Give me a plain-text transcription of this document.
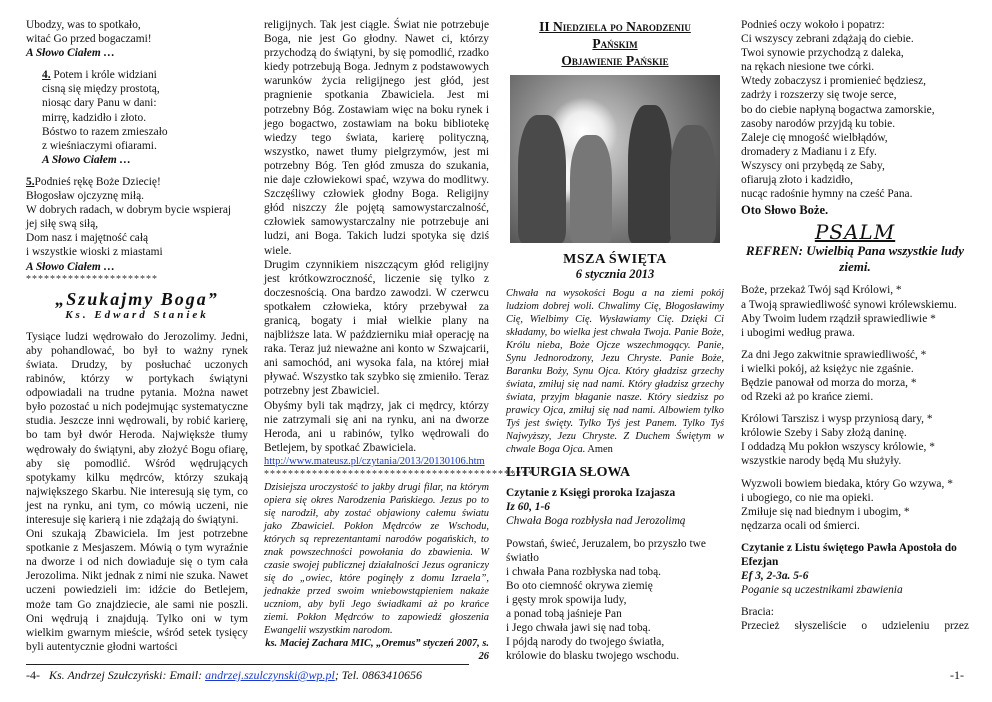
Ubodzy, was to spotkało,

witać Go przed bogaczami!

A Słowo Ciałem …

4. Potem i króle widziani

cisną się między prostotą,

niosąc dary Panu w dani:

mirrę, kadzidło i złoto.

Bóstwo to razem zmieszało

z wieśniaczymi ofiarami.

A Słowo Ciałem …

5.Podnieś rękę Boże Dziecię!

Błogosław ojczyznę miłą.

W dobrych radach, w dobrym bycie wspieraj

jej siłę swą siłą,

Dom nasz i majętność całą

i wszystkie wioski z miastami

A Słowo Ciałem …

**********************

„Szukajmy Boga”

Ks. Edward Staniek

Tysiące ludzi wędrowało do Jerozolimy. Jedni, aby pohandlować, bo był to ważny rynek świata. Drudzy, by posłuchać uczonych rabinów, którzy w portykach świątyni odpowiadali na trudne pytania. Można nawet było pozostać u nich podejmując systematyczne studia. Jeszcze inni wędrowali, by robić karierę, bo tam był dwór Heroda. Najwięksże tłumy wędrowały do świątyni, aby złożyć Bogu ofiarę, aby się pomodlić. Wśród wędrujących spotykamy kilku mędrców, którzy szukają największego Skarbu. Nie interesują się tym, co jest na rynku, ani tym, co mówią uczeni, nie interesuje się karierą i nie zdążają do świątyni.

Oni szukają Zbawiciela. Im jest potrzebne spotkanie z Mesjaszem. Mówią o tym wyraźnie na dworze i od nich dowiaduje się o tym cała Jerozolima. Nikt jednak z nimi nie szuka. Nawet uczeni powiedzieli im: idźcie do Betlejem, może tam Go znajdziecie, ale sami nie poszli. Oni wędrują i znajdują. Tylko oni w tym wielkim gwarnym mieście, wśród setek tysięcy byli autentycznie głodni wartości

religijnych. Tak jest ciągle. Świat nie potrzebuje Boga, nie jest Go głodny. Nawet ci, którzy przychodzą do świątyni, by się pomodlić, rzadko kiedy potrzebują Boga. Jednym z podstawowych warunków życia religijnego jest głód, jest pragnienie spotkania Zbawiciela. Jest mi potrzebny Bóg. Zostawiam więc na boku rynek i jego bogactwo, zostawiam na boku bibliotekę wiedzy tego świata, karierę polityczną, wszystko, nawet tłumy pielgrzymów, jest mi potrzebny Bóg. Ten głód zmusza do szukania, nie daje człowiekowi spać, wzywa do modlitwy. Szczęśliwy człowiek głodny Boga. Religijny głód niszczy źle pojętą samowystarczalność, człowiek samowystarczalny nie potrzebuje ani ludzi, ani Boga. Takich ludzi spotyka się dziś wiele.

Drugim czynnikiem niszczącym głód religijny jest krótkowzroczność, liczenie się tylko z doczesnością. Ona bardzo zawodzi. W czerwcu spotkałem człowieka, który przebywał za granicą, bogaty i miał wielkie plany na najbliższe lata. W październiku miał operację na raka. Teraz już nieważne ani konto w Szwajcarii, ani samochód, ani wysoka fala, na której miał pływać. Wszystko tak szybko się zmieniło. Teraz potrzebny jest Zbawiciel.

Obyśmy byli tak mądrzy, jak ci mędrcy, którzy nie zatrzymali się ani na rynku, ani na dworze Heroda, ani u rabinów, tylko wędrowali do Betlejem, by spotkać Zbawiciela.

http://www.mateusz.pl/czytania/2013/20130106.htm

*********************************************

Dzisiejsza uroczystość to jakby drugi filar, na którym opiera się okres Narodzenia Pańskiego. Jezus po to się narodził, aby zostać objawiony całemu światu jako Zbawiciel. Pokłon Mędrców ze Wschodu, których są reprezentantami narodów pogańskich, to znak powszechności powołania do zbawienia. W czasie swojej publicznej działalności Jezus ograniczy się do „owiec, które poginęły z domu Izraela”, jednakże przed swoim wniebowstąpieniem nakaże uczniom, aby byli Jego świadkami aż po krańce ziemi. Pokłon Mędrców to zapowiedź głoszenia Ewangelii wszystkim narodom.

ks. Maciej Zachara MIC, „Oremus” styczeń 2007, s. 26

II Niedziela po Narodzeniu

Pańskim

Objawienie Pańskie

MSZA ŚWIĘTA

6 stycznia 2013

Chwała na wysokości Bogu a na ziemi pokój ludziom dobrej woli. Chwalimy Cię, Błogosławimy Cię, Wielbimy Cię. Wysławiamy Cię. Dzięki Ci składamy, bo wielka jest chwała Twoja. Panie Boże, Królu nieba, Boże Ojcze wszechmogący. Panie, Synu Jednorodzony, Jezu Chryste. Panie Boże, Baranku Boży, Synu Ojca. Który gładzisz grzechy świata, zmiłuj się nad nami. Który gładzisz grzechy świata, przyjm błaganie nasze. Który siedzisz po prawicy Ojca, zmiłuj się nad nami. Albowiem tylko Tyś jest święty. Tylko Tyś jest Panem. Tylko Tyś Najwyższy, Jezu Chryste. Z Duchem Świętym w chwale Boga Ojca. Amen

LITURGIA SŁOWA

Czytanie z Księgi proroka Izajasza

Iz 60, 1-6

Chwała Boga rozbłysła nad Jerozolimą

Powstań, świeć, Jeruzalem, bo przyszło twe światło

i chwała Pana rozbłyska nad tobą.

Bo oto ciemność okrywa ziemię

i gęsty mrok spowija ludy,

a ponad tobą jaśnieje Pan

i Jego chwała jawi się nad tobą.

I pójdą narody do twojego światła,

królowie do blasku twojego wschodu.

Podnieś oczy wokoło i popatrz:

Ci wszyscy zebrani zdążają do ciebie.

Twoi synowie przychodzą z daleka,

na rękach niesione twe córki.

Wtedy zobaczysz i promienieć będziesz,

zadrży i rozszerzy się twoje serce,

bo do ciebie napłyną bogactwa zamorskie,

zasoby narodów przyjdą ku tobie.

Zaleje cię mnogość wielbłądów,

dromadery z Madianu i z Efy.

Wszyscy oni przybędą ze Saby,

ofiarują złoto i kadzidło,

nucąc radośnie hymny na cześć Pana.

Oto Słowo Boże.

PSALM

REFREN: Uwielbią Pana wszystkie ludy ziemi.

Boże, przekaż Twój sąd Królowi, *

a Twoją sprawiedliwość synowi królewskiemu.

Aby Twoim ludem rządził sprawiedliwie *

i ubogimi według prawa.

Za dni Jego zakwitnie sprawiedliwość, *

i wielki pokój, aż księżyc nie zgaśnie.

Będzie panował od morza do morza, *

od Rzeki aż po krańce ziemi.

Królowi Tarszisz i wysp przyniosą dary, *

królowie Szeby i Saby złożą daninę.

I oddadzą Mu pokłon wszyscy królowie, *

wszystkie narody będą Mu służyły.

Wyzwoli bowiem biedaka, który Go wzywa, *

i ubogiego, co nie ma opieki.

Zmiłuje się nad biednym i ubogim, *

nędzarza ocali od śmierci.

Czytanie z Listu świętego Pawła Apostoła do Efezjan

Ef 3, 2-3a. 5-6

Poganie są uczestnikami zbawienia

Bracia:

Przecież słyszeliście o udzieleniu przez

-4- Ks. Andrzej Szułczyński: Email: andrzej.szulczynski@wp.pl; Tel. 0863410656	-1-
